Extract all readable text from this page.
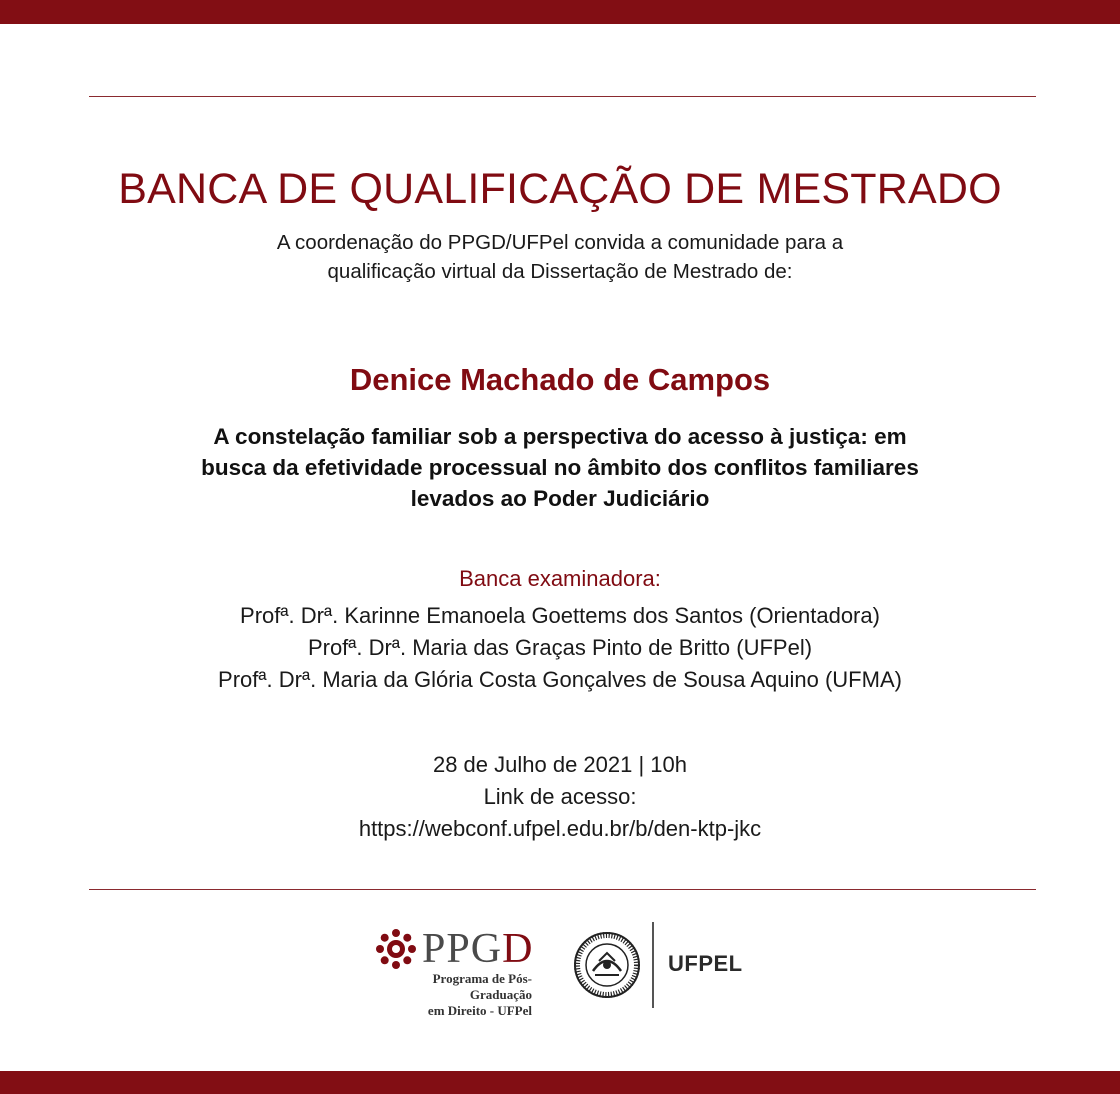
BANCA DE QUALIFICAÇÃO DE MESTRADO
A coordenação do PPGD/UFPel convida a comunidade para a
qualificação virtual da Dissertação de Mestrado de:
Denice Machado de Campos
A constelação familiar sob a perspectiva do acesso à justiça: em
busca da efetividade processual no âmbito dos conflitos familiares
levados ao Poder Judiciário
Banca examinadora:
Profª. Drª. Karinne Emanoela Goettems dos Santos (Orientadora)
Profª. Drª. Maria das Graças Pinto de Britto (UFPel)
Profª. Drª. Maria da Glória Costa Gonçalves de Sousa Aquino (UFMA)
28 de Julho de 2021 | 10h
Link de acesso:
https://webconf.ufpel.edu.br/b/den-ktp-jkc
PPGD
Programa de Pós-Graduação
em Direito - UFPel
UFPEL
